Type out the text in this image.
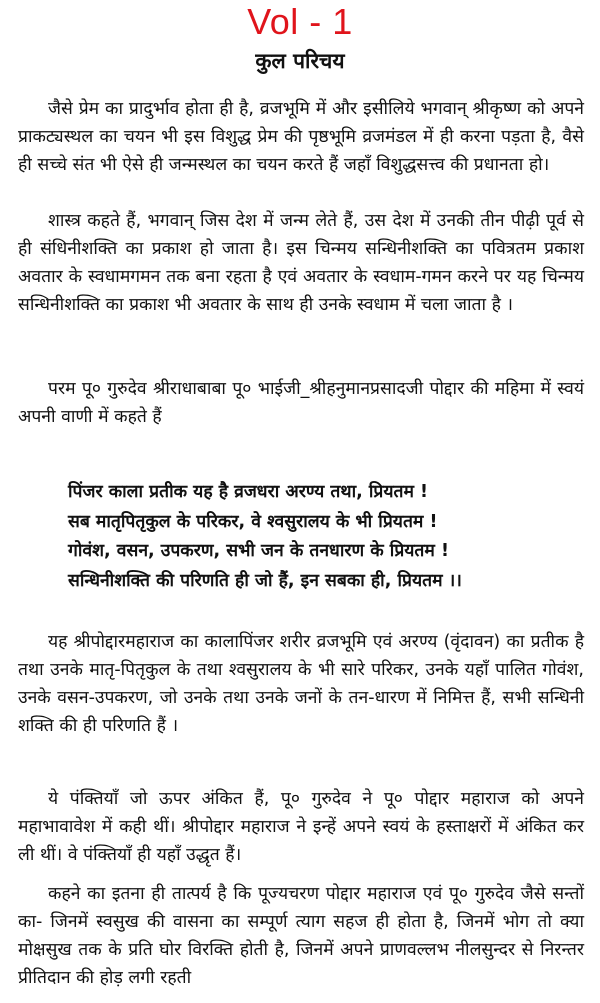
Vol - 1
कुल परिचय

जैसे प्रेम का प्रादुर्भाव होता ही है, व्रजभूमि में और इसीलिये भगवान् श्रीकृष्ण को अपने प्राकट्यस्थल का चयन भी इस विशुद्ध प्रेम की पृष्ठभूमि व्रजमंडल में ही करना पड़ता है, वैसे ही सच्चे संत भी ऐसे ही जन्मस्थल का चयन करते हैं जहाँ विशुद्धसत्त्व की प्रधानता हो।

शास्त्र कहते हैं, भगवान् जिस देश में जन्म लेते हैं, उस देश में उनकी तीन पीढ़ी पूर्व से ही संधिनीशक्ति का प्रकाश हो जाता है। इस चिन्मय सन्धिनीशक्ति का पवित्रतम प्रकाश अवतार के स्वधामगमन तक बना रहता है एवं अवतार के स्वधाम-गमन करने पर यह चिन्मय सन्धिनीशक्ति का प्रकाश भी अवतार के साथ ही उनके स्वधाम में चला जाता है ।

परम पू० गुरुदेव श्रीराधाबाबा पू० भाईजी_श्रीहनुमानप्रसादजी पोद्दार की महिमा में स्वयं अपनी वाणी में कहते हैं

पिंजर काला प्रतीक यह है व्रजधरा अरण्य तथा, प्रियतम !
सब मातृपितृकुल के परिकर, वे श्वसुरालय के भी प्रियतम !
गोवंश, वसन, उपकरण, सभी जन के तनधारण के प्रियतम !
सन्धिनीशक्ति की परिणति ही जो हैं, इन सबका ही, प्रियतम ।।

यह श्रीपोद्दारमहाराज का कालापिंजर शरीर व्रजभूमि एवं अरण्य (वृंदावन) का प्रतीक है तथा उनके मातृ-पितृकुल के तथा श्वसुरालय के भी सारे परिकर, उनके यहाँ पालित गोवंश, उनके वसन-उपकरण, जो उनके तथा उनके जनों के तन-धारण में निमित्त हैं, सभी सन्धिनी शक्ति की ही परिणति हैं ।

ये पंक्तियाँ जो ऊपर अंकित हैं, पू० गुरुदेव ने पू० पोद्दार महाराज को अपने महाभावावेश में कही थीं। श्रीपोद्दार महाराज ने इन्हें अपने स्वयं के हस्ताक्षरों में अंकित कर ली थीं। वे पंक्तियाँ ही यहाँ उद्धृत हैं।

कहने का इतना ही तात्पर्य है कि पूज्यचरण पोद्दार महाराज एवं पू० गुरुदेव जैसे सन्तों का- जिनमें स्वसुख की वासना का सम्पूर्ण त्याग सहज ही होता है, जिनमें भोग तो क्या मोक्षसुख तक के प्रति घोर विरक्ति होती है, जिनमें अपने प्राणवल्लभ नीलसुन्दर से निरन्तर प्रीतिदान की होड़ लगी रहती
